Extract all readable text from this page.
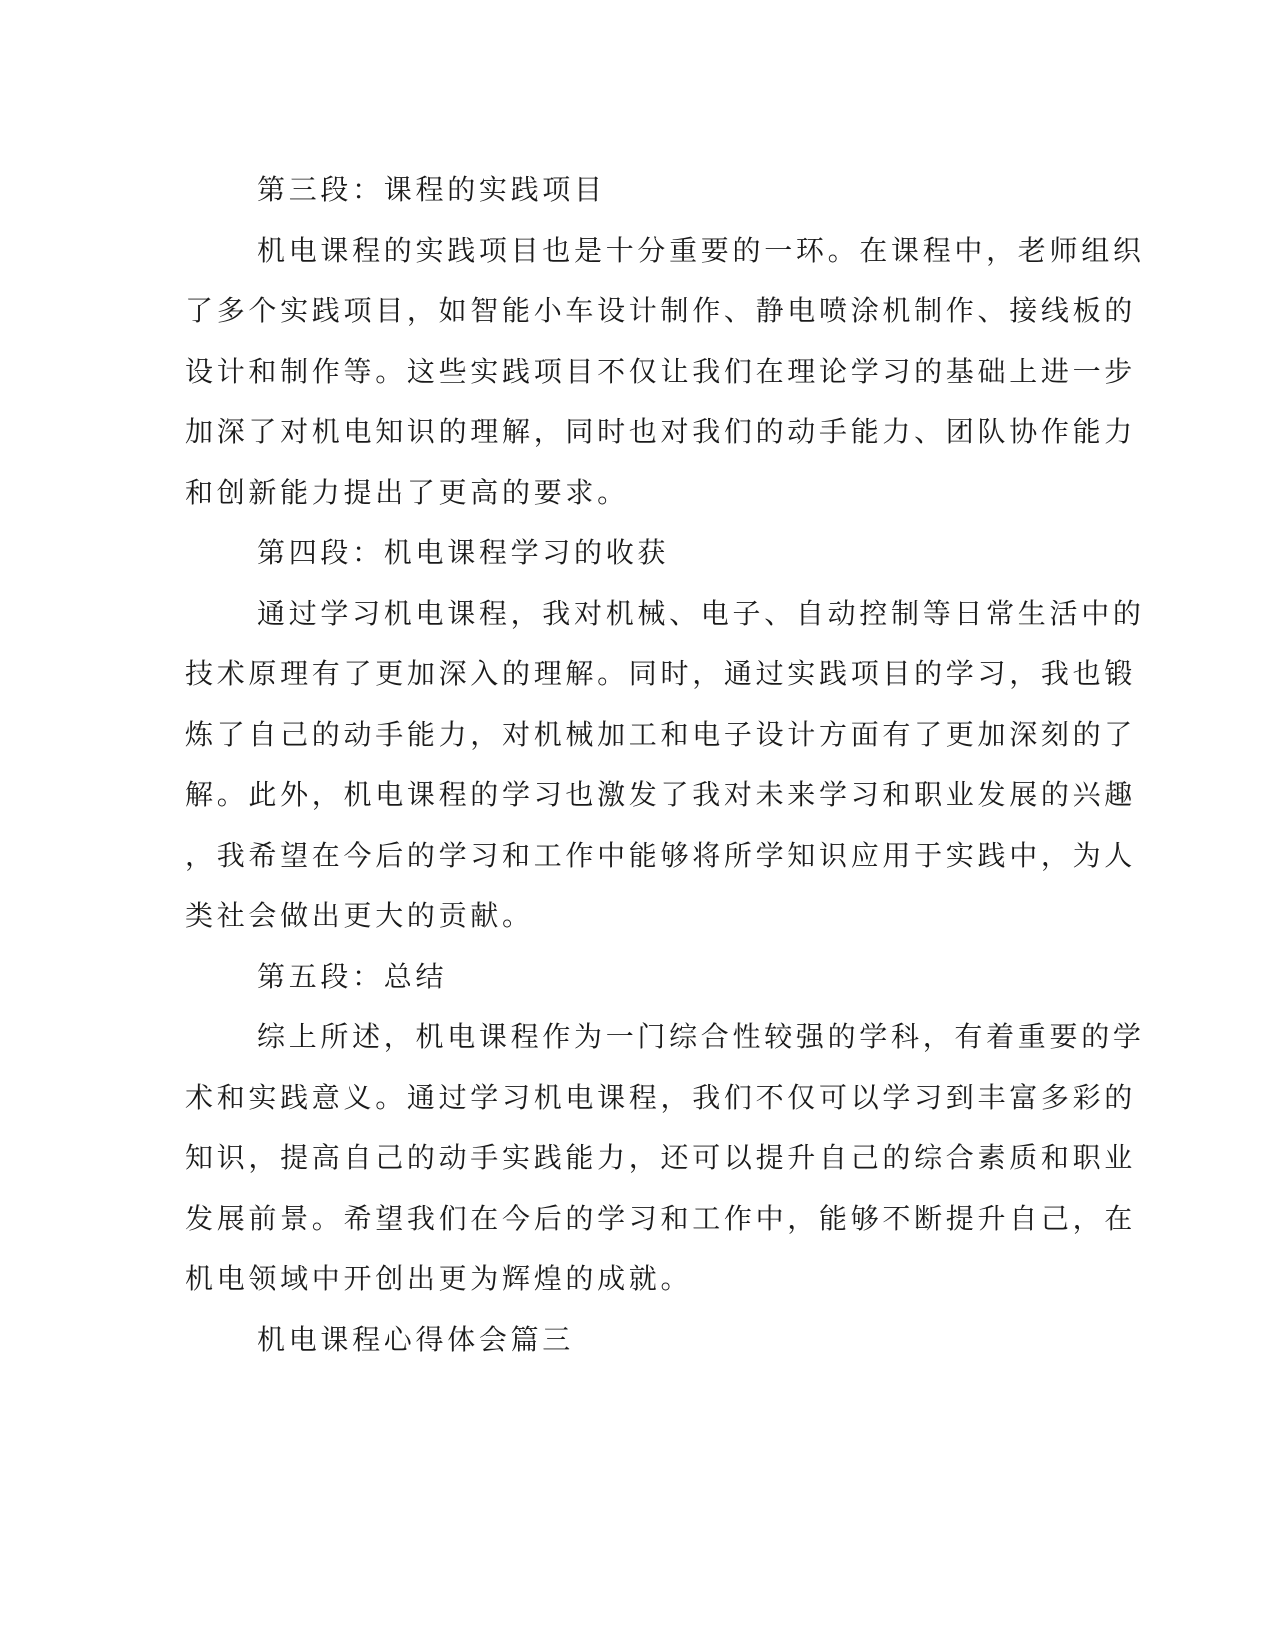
第三段：课程的实践项目
机电课程的实践项目也是十分重要的一环。在课程中，老师组织
了多个实践项目，如智能小车设计制作、静电喷涂机制作、接线板的
设计和制作等。这些实践项目不仅让我们在理论学习的基础上进一步
加深了对机电知识的理解，同时也对我们的动手能力、团队协作能力
和创新能力提出了更高的要求。
第四段：机电课程学习的收获
通过学习机电课程，我对机械、电子、自动控制等日常生活中的
技术原理有了更加深入的理解。同时，通过实践项目的学习，我也锻
炼了自己的动手能力，对机械加工和电子设计方面有了更加深刻的了
解。此外，机电课程的学习也激发了我对未来学习和职业发展的兴趣
，我希望在今后的学习和工作中能够将所学知识应用于实践中，为人
类社会做出更大的贡献。
第五段：总结
综上所述，机电课程作为一门综合性较强的学科，有着重要的学
术和实践意义。通过学习机电课程，我们不仅可以学习到丰富多彩的
知识，提高自己的动手实践能力，还可以提升自己的综合素质和职业
发展前景。希望我们在今后的学习和工作中，能够不断提升自己，在
机电领域中开创出更为辉煌的成就。
机电课程心得体会篇三
